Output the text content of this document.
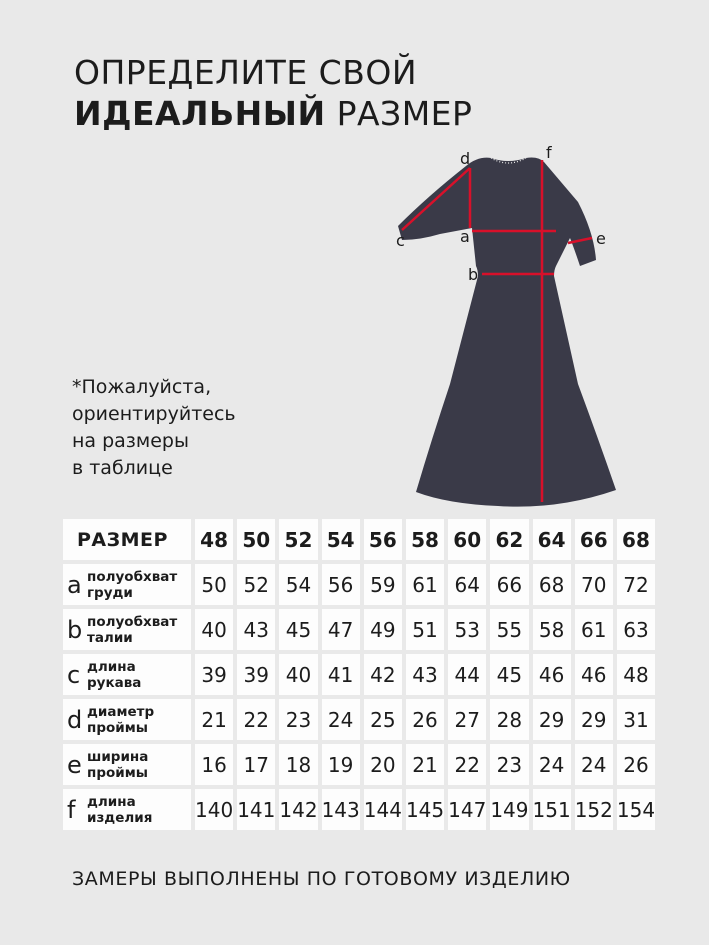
ОПРЕДЕЛИТЕ СВОЙ
ИДЕАЛЬНЫЙ РАЗМЕР
*Пожалуйста,
ориентируйтесь
на размеры
в таблице
d	f
a
c	e
b
РАЗМЕР	48	50	52	54	56	58	60	62	64	66	68

a полуобхват
груди	50	52	54	56	59	61	64	66	68	70	72

b полуобхват
талии	40	43	45	47	49	51	53	55	58	61	63

c длина
рукава	39	39	40	41	42	43	44	45	46	46	48

d диаметр
проймы	21	22	23	24	25	26	27	28	29	29	31

e ширина
проймы	16	17	18	19	20	21	22	23	24	24	26

f длина
изделия	140	141	142	143	144	145	147	149	151	152	154
ЗАМЕРЫ ВЫПОЛНЕНЫ ПО ГОТОВОМУ ИЗДЕЛИЮ
